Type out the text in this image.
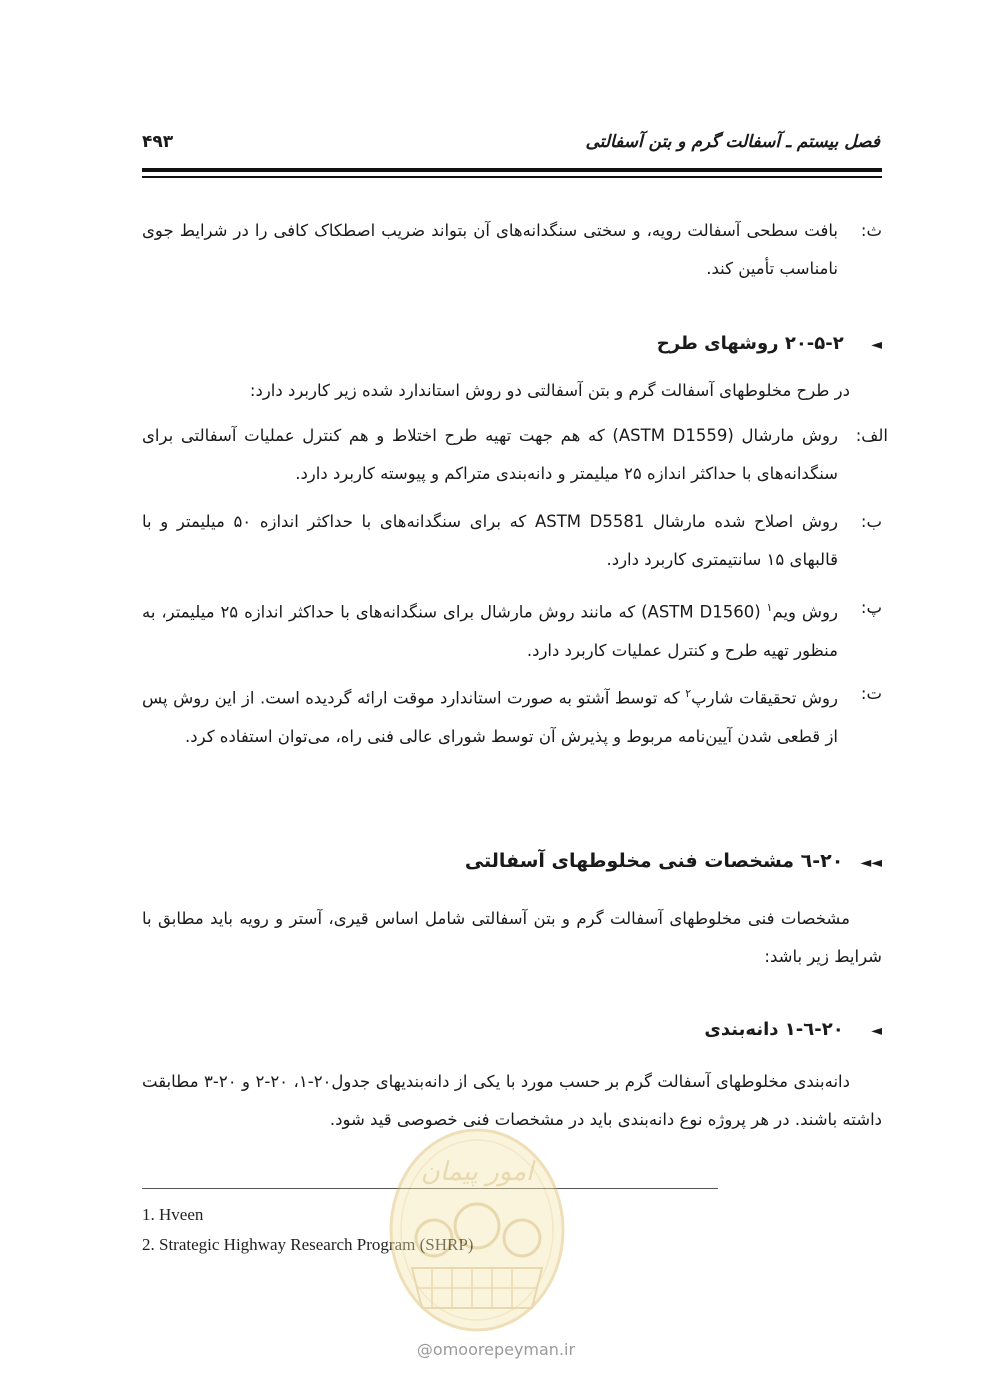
فصل بیستم ـ آسفالت گرم و بتن آسفالتی
۴۹۳
ث:
بافت سطحی آسفالت رویه، و سختی سنگدانه‌های آن بتواند ضریب اصطکاک کافی را در شرایط جوی نامناسب تأمین کند.
◄ ۲۰-۵-۲ روشهای طرح
در طرح مخلوطهای آسفالت گرم و بتن آسفالتی دو روش استاندارد شده زیر کاربرد دارد:
الف:
روش مارشال (ASTM D1559) که هم جهت تهیه طرح اختلاط و هم کنترل عملیات آسفالتی برای سنگدانه‌های با حداکثر اندازه ۲۵ میلیمتر و دانه‌بندی متراکم و پیوسته کاربرد دارد.
ب:
روش اصلاح شده مارشال ASTM D5581 که برای سنگدانه‌های با حداکثر اندازه ۵۰ میلیمتر و با قالبهای ۱۵ سانتیمتری کاربرد دارد.
پ:
روش ویم$^۱$ (ASTM D1560) که مانند روش مارشال برای سنگدانه‌های با حداکثر اندازه ۲۵ میلیمتر، به منظور تهیه طرح و کنترل عملیات کاربرد دارد.
ت:
روش تحقیقات شارپ$^۲$ که توسط آشتو به صورت استاندارد موقت ارائه گردیده است. از این روش پس از قطعی شدن آیین‌نامه مربوط و پذیرش آن توسط شورای عالی فنی راه، می‌توان استفاده کرد.
◄◄ ۲۰-٦ مشخصات فنی مخلوطهای آسفالتی
مشخصات فنی مخلوطهای آسفالت گرم و بتن آسفالتی شامل اساس قیری، آستر و رویه باید مطابق با شرایط زیر باشد:
◄ ۲۰-٦-۱ دانه‌بندی
دانه‌بندی مخلوطهای آسفالت گرم بر حسب مورد با یکی از دانه‌بندیهای جدول۲۰-۱، ۲۰-۲ و ۲۰-۳ مطابقت داشته باشند. در هر پروژه نوع دانه‌بندی باید در مشخصات فنی خصوصی قید شود.
1. Hveen
2. Strategic Highway Research Program (SHRP)
امور پیمان
@omoorepeyman.ir
